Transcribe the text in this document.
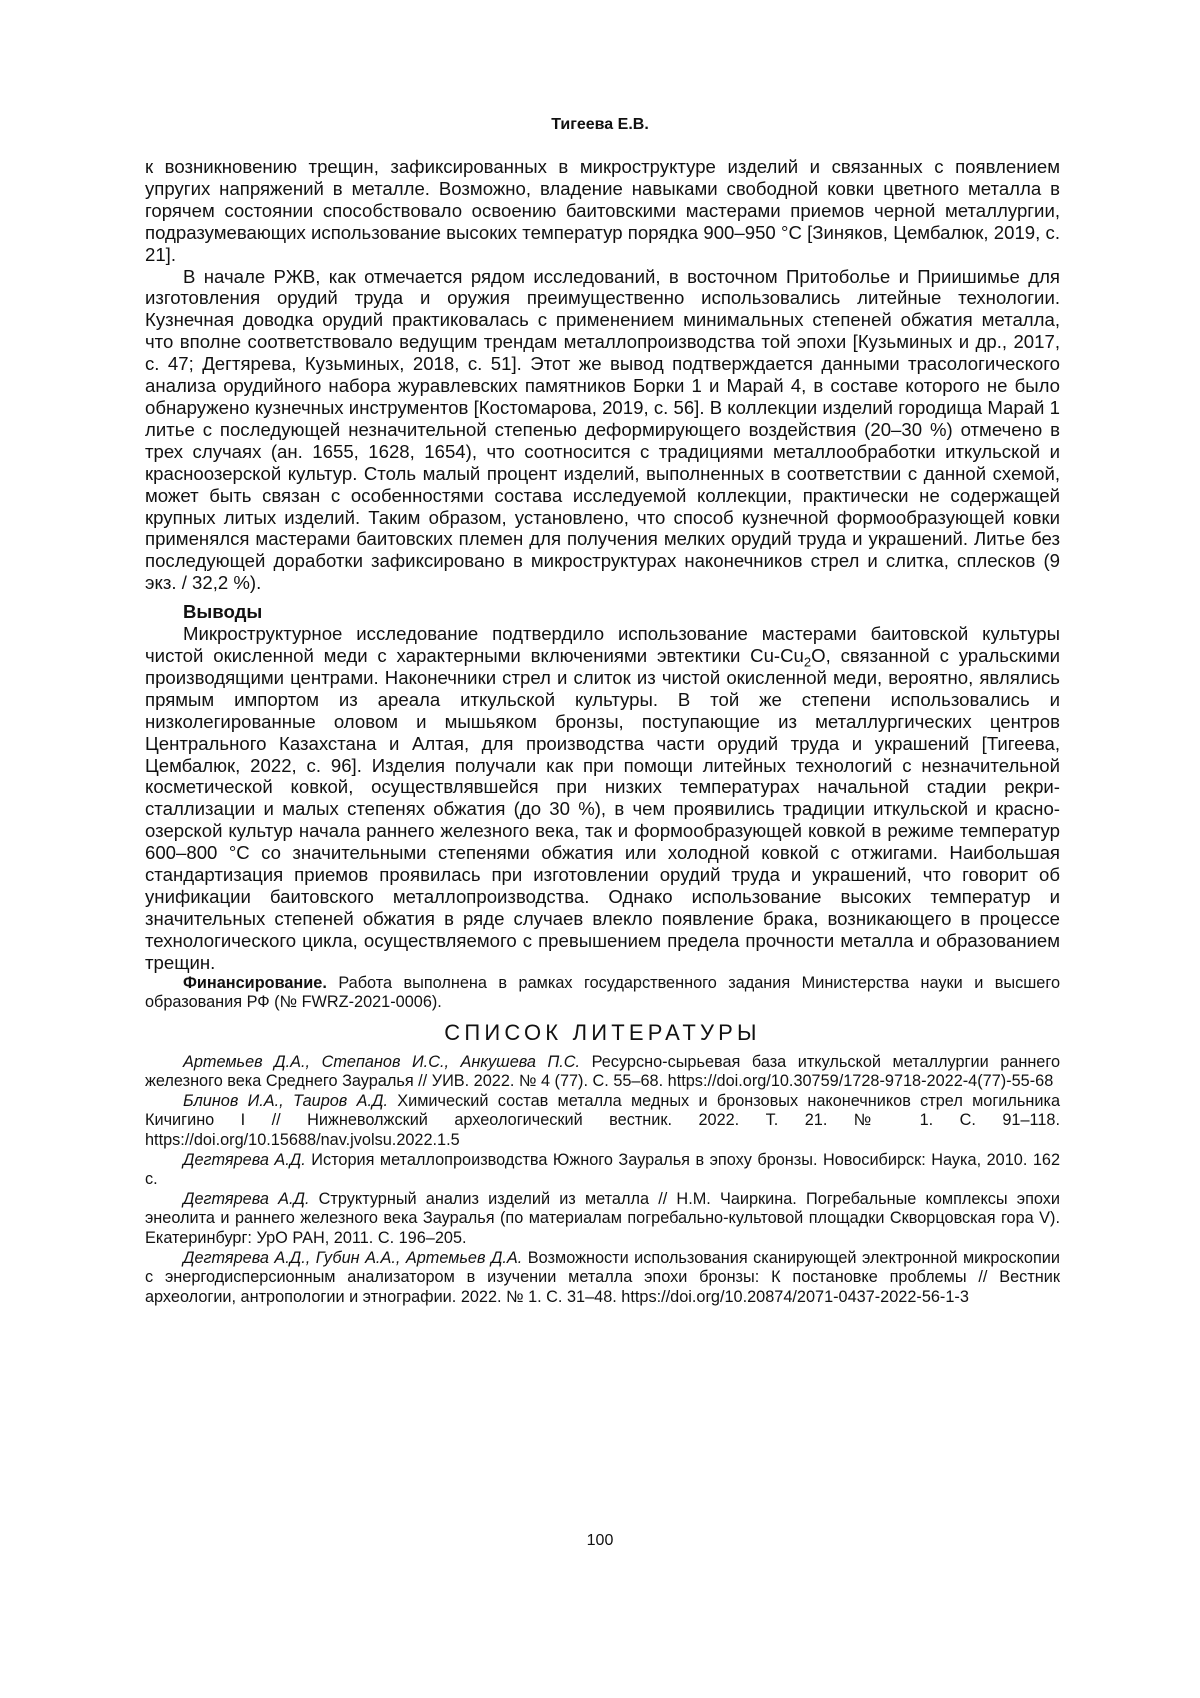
Тигеева Е.В.

к возникновению трещин, зафиксированных в микроструктуре изделий и связанных с появлением упругих напряжений в металле. Возможно, владение навыками свободной ковки цветного металла в горячем состоянии способствовало освоению баитовскими мастерами приемов черной металлургии, подразумевающих использование высоких температур порядка 900–950 °С [Зиняков, Цембалюк, 2019, с. 21].

В начале РЖВ, как отмечается рядом исследований, в восточном Притоболье и Приишимье для изготовления орудий труда и оружия преимущественно использовались литейные технологии. Кузнечная доводка орудий практиковалась с применением минимальных степеней обжатия металла, что вполне соответствовало ведущим трендам металлопроизводства той эпохи [Кузьминых и др., 2017, с. 47; Дегтярева, Кузьминых, 2018, с. 51]. Этот же вывод подтверждается данными трасологического анализа орудийного набора журавлевских памятников Борки 1 и Марай 4, в составе которого не было обнаружено кузнечных инструментов [Костомарова, 2019, с. 56]. В коллекции изделий городища Марай 1 литье с последующей незначительной степенью деформирующего воздействия (20–30 %) отмечено в трех случаях (ан. 1655, 1628, 1654), что соотносится с традициями металлообработки иткульской и красноозерской культур. Столь малый процент изделий, выполненных в соответствии с данной схемой, может быть связан с особенностями состава исследуемой коллекции, практически не содержащей крупных литых изделий. Таким образом, установлено, что способ кузнечной формообразующей ковки применялся мастерами баитовских племен для получения мелких орудий труда и украшений. Литье без последующей доработки зафиксировано в микроструктурах наконечников стрел и слитка, сплесков (9 экз. / 32,2 %).

Выводы

Микроструктурное исследование подтвердило использование мастерами баитовской культуры чистой окисленной меди с характерными включениями эвтектики $Cu-Cu_2O$, связанной с уральскими производящими центрами. Наконечники стрел и слиток из чистой окисленной меди, вероятно, являлись прямым импортом из ареала иткульской культуры. В той же степени использовались и низколегированные оловом и мышьяком бронзы, поступающие из металлургических центров Центрального Казахстана и Алтая, для производства части орудий труда и украшений [Тигеева, Цембалюк, 2022, с. 96]. Изделия получали как при помощи литейных технологий с незначительной косметической ковкой, осуществлявшейся при низких температурах начальной стадии рекристаллизации и малых степенях обжатия (до 30 %), в чем проявились традиции иткульской и красноозерской культур начала раннего железного века, так и формообразующей ковкой в режиме температур 600–800 °С со значительными степенями обжатия или холодной ковкой с отжигами. Наибольшая стандартизация приемов проявилась при изготовлении орудий труда и украшений, что говорит об унификации баитовского металлопроизводства. Однако использование высоких температур и значительных степеней обжатия в ряде случаев влекло появление брака, возникающего в процессе технологического цикла, осуществляемого с превышением предела прочности металла и образованием трещин.

Финансирование. Работа выполнена в рамках государственного задания Министерства науки и высшего образования РФ (№ FWRZ-2021-0006).

СПИСОК ЛИТЕРАТУРЫ

Артемьев Д.А., Степанов И.С., Анкушева П.С. Ресурсно-сырьевая база иткульской металлургии раннего железного века Среднего Зауралья // УИВ. 2022. № 4 (77). С. 55–68. https://doi.org/10.30759/1728-9718-2022-4(77)-55-68

Блинов И.А., Таиров А.Д. Химический состав металла медных и бронзовых наконечников стрел могильника Кичигино I // Нижневолжский археологический вестник. 2022. Т. 21. № 1. С. 91–118. https://doi.org/10.15688/nav.jvolsu.2022.1.5

Дегтярева А.Д. История металлопроизводства Южного Зауралья в эпоху бронзы. Новосибирск: Наука, 2010. 162 с.

Дегтярева А.Д. Структурный анализ изделий из металла // Н.М. Чаиркина. Погребальные комплексы эпохи энеолита и раннего железного века Зауралья (по материалам погребально-культовой площадки Скворцовская гора V). Екатеринбург: УрО РАН, 2011. С. 196–205.

Дегтярева А.Д., Губин А.А., Артемьев Д.А. Возможности использования сканирующей электронной микроскопии с энергодисперсионным анализатором в изучении металла эпохи бронзы: К постановке проблемы // Вестник археологии, антропологии и этнографии. 2022. № 1. С. 31–48. https://doi.org/10.20874/2071-0437-2022-56-1-3

100
